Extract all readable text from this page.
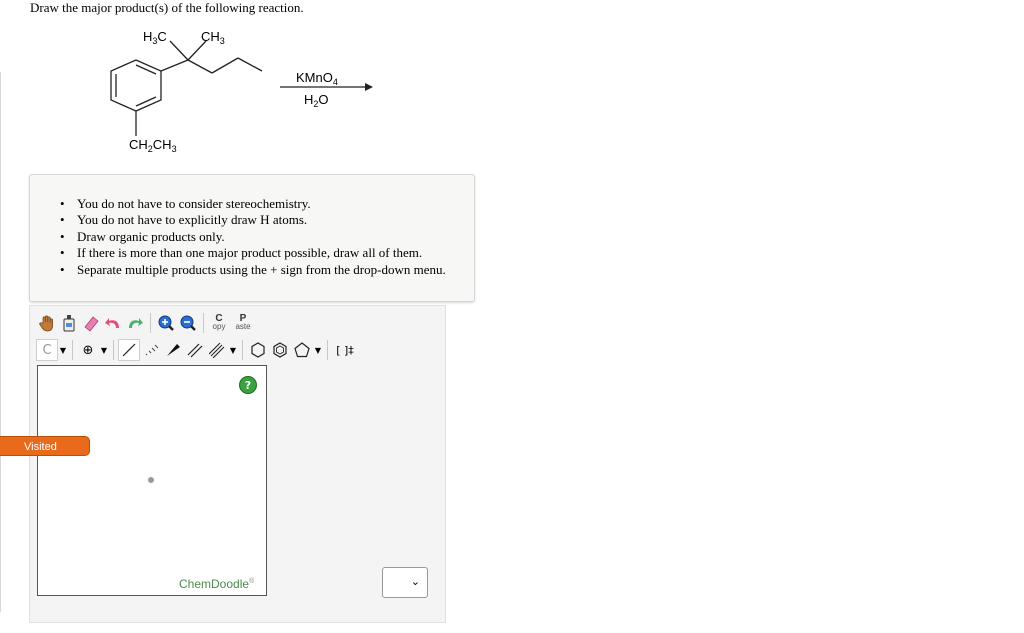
Draw the major product(s) of the following reaction.
$H_3C$	$CH_3$
$CH_2CH_3$
KMnO$_4$
$H_2O$
• You do not have to consider stereochemistry.
• You do not have to explicitly draw H atoms.
• Draw organic products only.
• If there is more than one major product possible, draw all of them.
• Separate multiple products using the + sign from the drop-down menu.
C
opy
P
aste
C	▼	⊕ ▼	▼	▼	[ ]‡
?
ChemDoodle®
Visited
⌄
